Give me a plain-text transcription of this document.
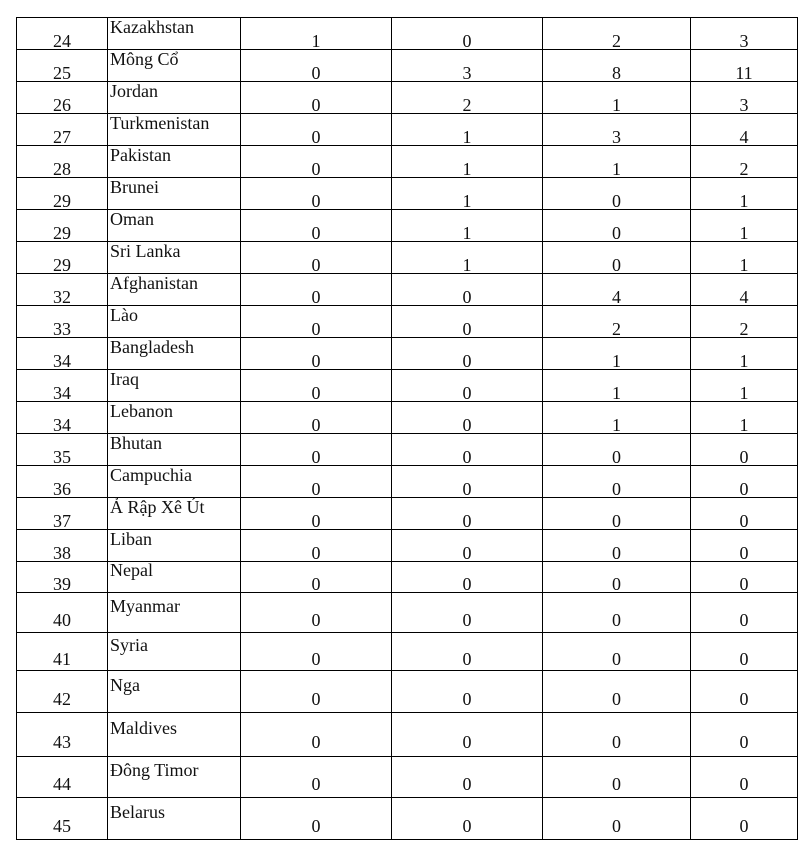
24	Kazakhstan	1	0	2	3

25	Mông Cổ	0	3	8	11

26	Jordan	0	2	1	3

27	Turkmenistan	0	1	3	4

28	Pakistan	0	1	1	2

29	Brunei	0	1	0	1

29	Oman	0	1	0	1

29	Sri Lanka	0	1	0	1

32	Afghanistan	0	0	4	4

33	Lào	0	0	2	2

34	Bangladesh	0	0	1	1

34	Iraq	0	0	1	1

34	Lebanon	0	0	1	1

35	Bhutan	0	0	0	0

36	Campuchia	0	0	0	0

37	Ả Rập Xê Út	0	0	0	0

38	Liban	0	0	0	0

39	Nepal	0	0	0	0

40	Myanmar	0	0	0	0

41	Syria	0	0	0	0

42	Nga	0	0	0	0

43	Maldives	0	0	0	0

44	Đông Timor	0	0	0	0

45	Belarus	0	0	0	0
